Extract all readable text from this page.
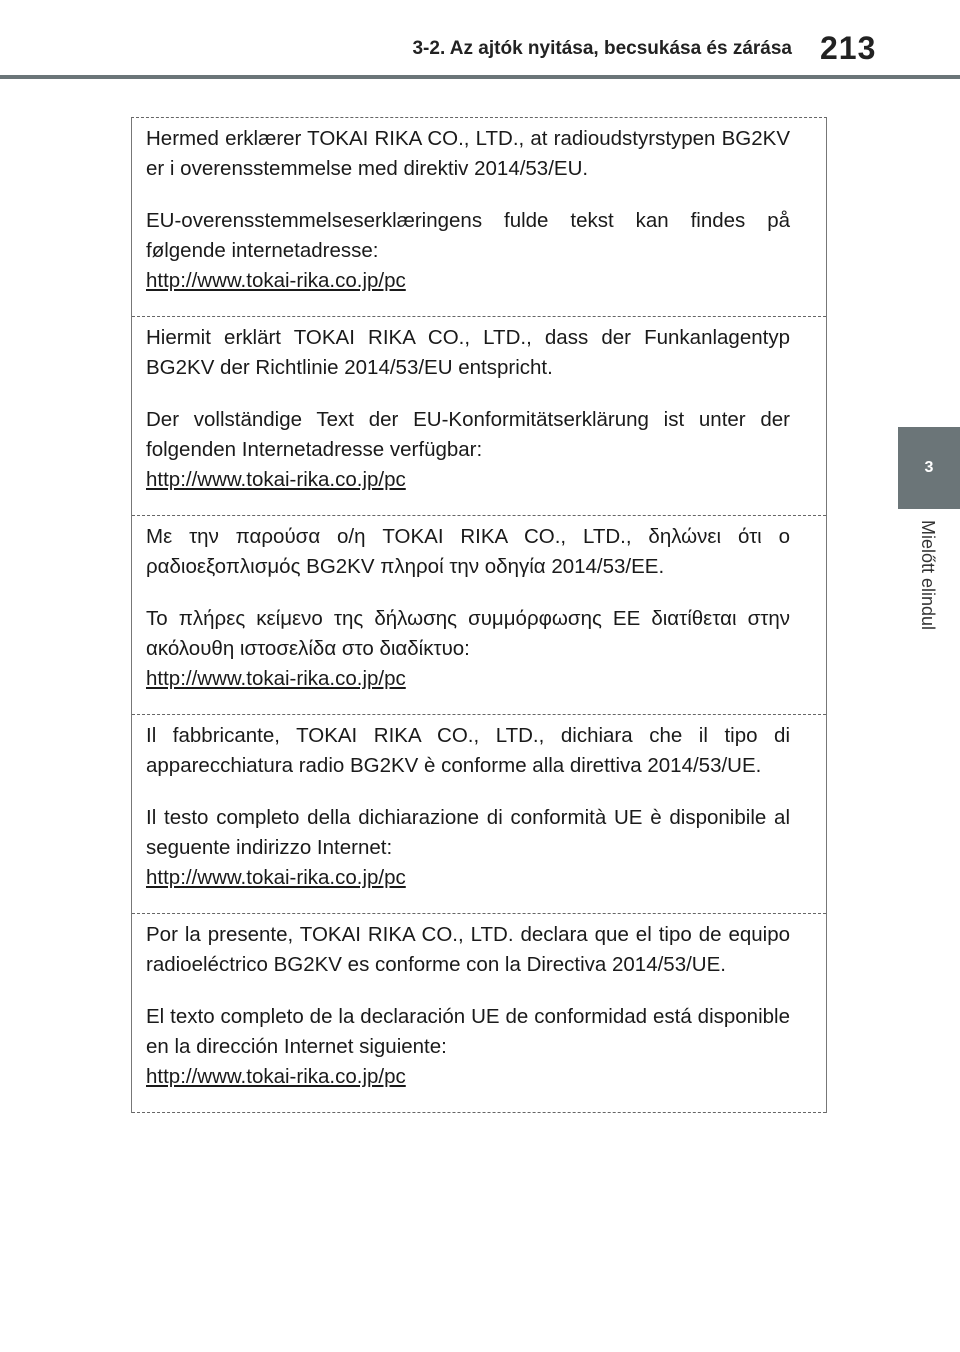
3-2. Az ajtók nyitása, becsukása és zárása 213
3
Mielőtt elindul

Hermed erklærer TOKAI RIKA CO., LTD., at radioudstyrstypen BG2KV er i overensstemmelse med direktiv 2014/53/EU.

EU-overensstemmelseserklæringens fulde tekst kan findes på følgende internetadresse:

http://www.tokai-rika.co.jp/pc

Hiermit erklärt TOKAI RIKA CO., LTD., dass der Funkanlagentyp BG2KV der Richtlinie 2014/53/EU entspricht.

Der vollständige Text der EU-Konformitätserklärung ist unter der folgenden Internetadresse verfügbar:

http://www.tokai-rika.co.jp/pc

Με την παρούσα ο/η TOKAI RIKA CO., LTD., δηλώνει ότι ο ραδιοεξοπλισμός BG2KV πληροί την οδηγία 2014/53/ΕΕ.

Το πλήρες κείμενο της δήλωσης συμμόρφωσης ΕΕ διατίθεται στην ακόλουθη ιστοσελίδα στο διαδίκτυο:

http://www.tokai-rika.co.jp/pc

Il fabbricante, TOKAI RIKA CO., LTD., dichiara che il tipo di apparecchiatura radio BG2KV è conforme alla direttiva 2014/53/UE.

Il testo completo della dichiarazione di conformità UE è disponibile al seguente indirizzo Internet:

http://www.tokai-rika.co.jp/pc

Por la presente, TOKAI RIKA CO., LTD. declara que el tipo de equipo radioeléctrico BG2KV es conforme con la Directiva 2014/53/UE.

El texto completo de la declaración UE de conformidad está disponible en la dirección Internet siguiente:

http://www.tokai-rika.co.jp/pc
